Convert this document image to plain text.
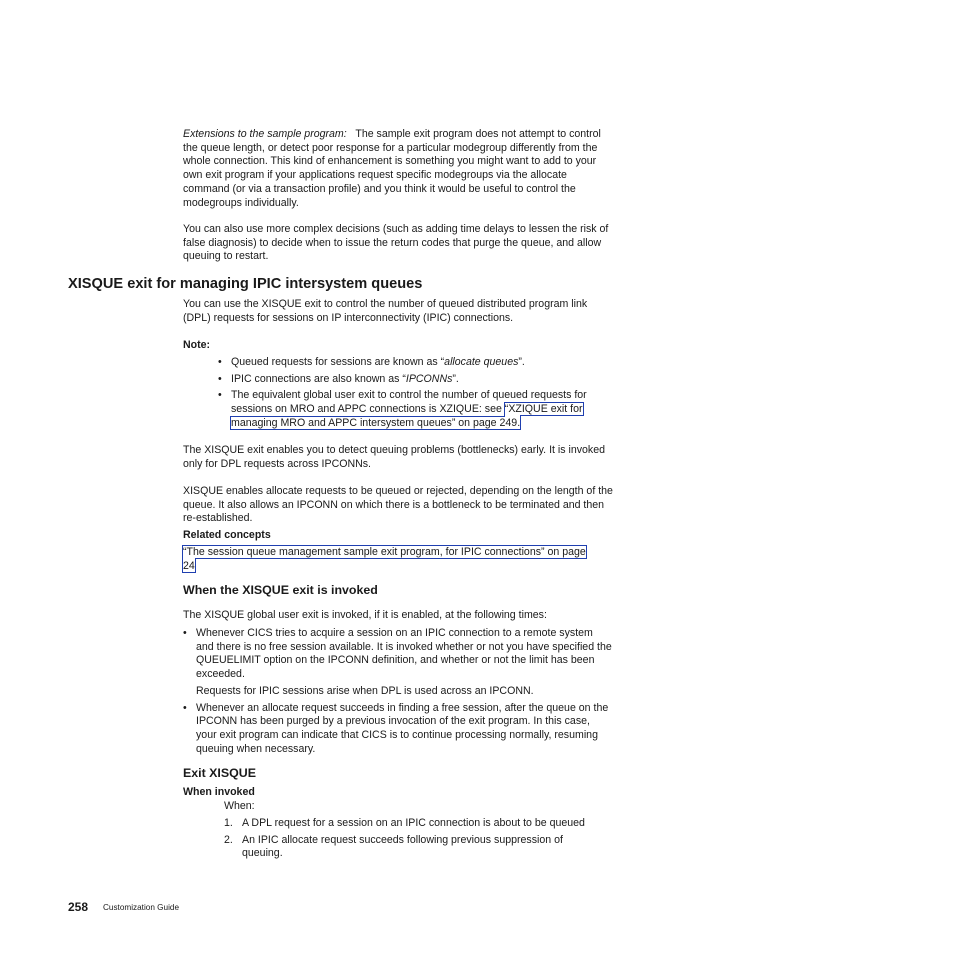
Extensions to the sample program: The sample exit program does not attempt to control the queue length, or detect poor response for a particular modegroup differently from the whole connection. This kind of enhancement is something you might want to add to your own exit program if your applications request specific modegroups via the allocate command (or via a transaction profile) and you think it would be useful to control the modegroups individually.

You can also use more complex decisions (such as adding time delays to lessen the risk of false diagnosis) to decide when to issue the return codes that purge the queue, and allow queuing to restart.

XISQUE exit for managing IPIC intersystem queues

You can use the XISQUE exit to control the number of queued distributed program link (DPL) requests for sessions on IP interconnectivity (IPIC) connections.

Note:

• Queued requests for sessions are known as “allocate queues”.
• IPIC connections are also known as “IPCONNs”.
• The equivalent global user exit to control the number of queued requests for sessions on MRO and APPC connections is XZIQUE: see “XZIQUE exit for managing MRO and APPC intersystem queues” on page 249.

The XISQUE exit enables you to detect queuing problems (bottlenecks) early. It is invoked only for DPL requests across IPCONNs.

XISQUE enables allocate requests to be queued or rejected, depending on the length of the queue. It also allows an IPCONN on which there is a bottleneck to be terminated and then re-established.

Related concepts

“The session queue management sample exit program, for IPIC connections” on page 24

When the XISQUE exit is invoked

The XISQUE global user exit is invoked, if it is enabled, at the following times:

• Whenever CICS tries to acquire a session on an IPIC connection to a remote system and there is no free session available. It is invoked whether or not you have specified the QUEUELIMIT option on the IPCONN definition, and whether or not the limit has been exceeded.
Requests for IPIC sessions arise when DPL is used across an IPCONN.
• Whenever an allocate request succeeds in finding a free session, after the queue on the IPCONN has been purged by a previous invocation of the exit program. In this case, your exit program can indicate that CICS is to continue processing normally, resuming queuing when necessary.
Exit XISQUE

When invoked

When:

1. A DPL request for a session on an IPIC connection is about to be queued
2. An IPIC allocate request succeeds following previous suppression of queuing.
258 Customization Guide
